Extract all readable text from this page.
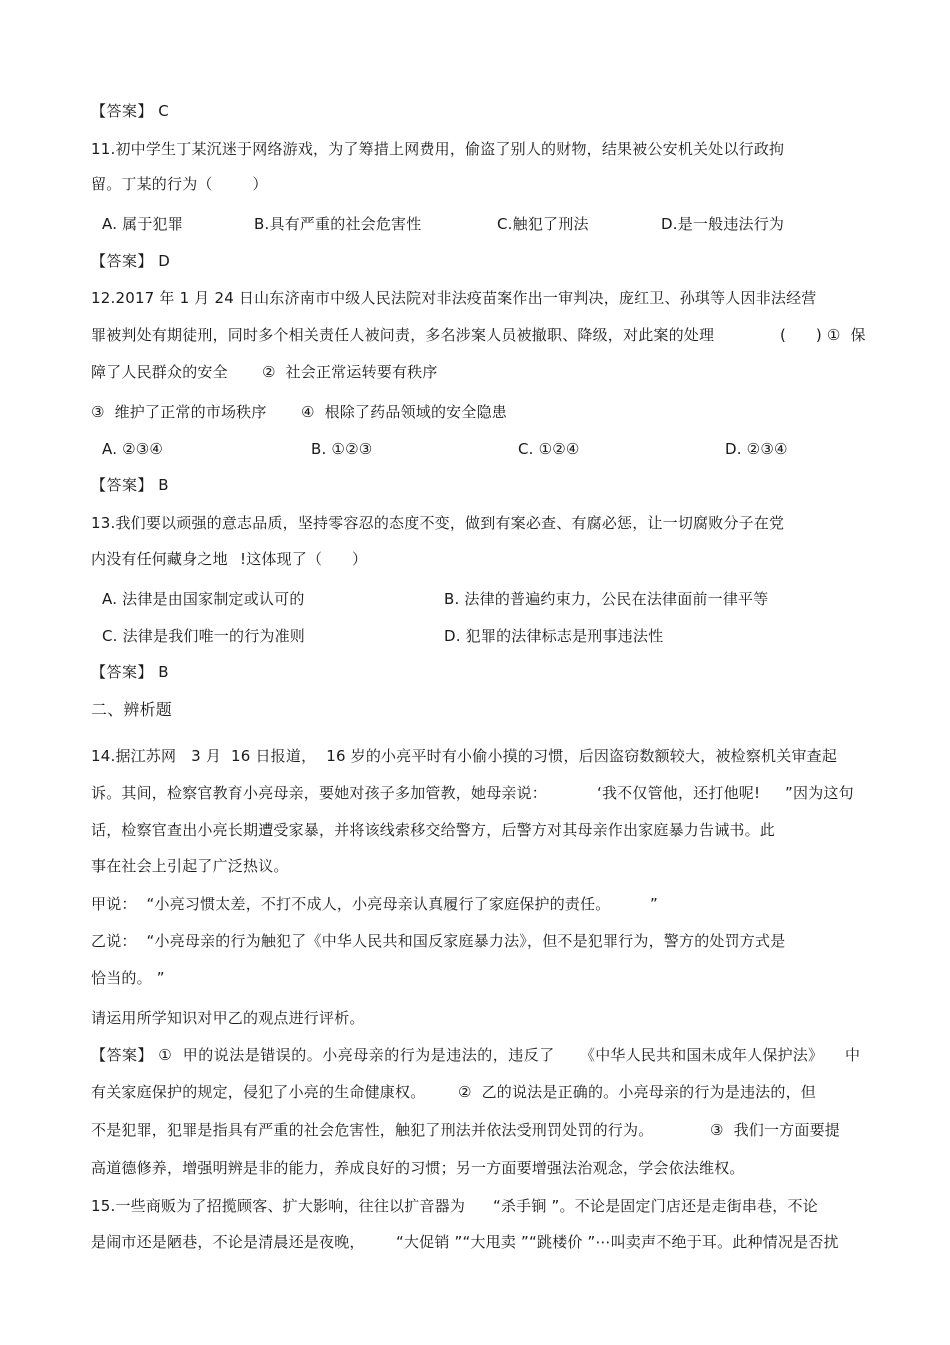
【答案】 C
11.初中学生丁某沉迷于网络游戏，为了筹措上网费用，偷盗了别人的财物，结果被公安机关处以行政拘
留。丁某的行为（        ）
A. 属于犯罪	B.具有严重的社会危害性	C.触犯了刑法	D.是一般违法行为
【答案】 D
12.2017 年 1 月 24 日山东济南市中级人民法院对非法疫苗案作出一审判决，庞红卫、孙琪等人因非法经营
罪被判处有期徒刑，同时多个相关责任人被问责，多名涉案人员被撤职、降级，对此案的处理	(      ) ①  保
障了人民群众的安全 ②  社会正常运转要有秩序
③  维护了正常的市场秩序 ④  根除了药品领域的安全隐患
A. ②③④	B. ①②③	C. ①②④	D. ②③④
【答案】 B
13.我们要以顽强的意志品质，坚持零容忍的态度不变，做到有案必查、有腐必惩，让一切腐败分子在党
内没有任何藏身之地 !这体现了（      ）
A. 法律是由国家制定或认可的	B. 法律的普遍约束力，公民在法律面前一律平等
C. 法律是我们唯一的行为准则	D. 犯罪的法律标志是刑事违法性
【答案】 B
二、辨析题
14.据江苏网   3 月  16 日报道，  16 岁的小亮平时有小偷小摸的习惯，后因盗窃数额较大，被检察机关审查起
诉。其间，检察官教育小亮母亲，要她对孩子多加管教，她母亲说：	‘我不仅管他，还打他呢!     ”因为这句
话，检察官查出小亮长期遭受家暴，并将该线索移交给警方，后警方对其母亲作出家庭暴力告诫书。此
事在社会上引起了广泛热议。
甲说：  “小亮习惯太差，不打不成人，小亮母亲认真履行了家庭保护的责任。	”
乙说：  “小亮母亲的行为触犯了《中华人民共和国反家庭暴力法》，但不是犯罪行为，警方的处罚方式是
恰当的。 ”
请运用所学知识对甲乙的观点进行评析。
【答案】 ①  甲的说法是错误的。小亮母亲的行为是违法的，违反了 《中华人民共和国未成年人保护法》 中
有关家庭保护的规定，侵犯了小亮的生命健康权。 ②  乙的说法是正确的。小亮母亲的行为是违法的，但
不是犯罪，犯罪是指具有严重的社会危害性，触犯了刑法并依法受刑罚处罚的行为。	③  我们一方面要提
高道德修养，增强明辨是非的能力，养成良好的习惯；另一方面要增强法治观念，学会依法维权。
15.一些商贩为了招揽顾客、扩大影响，往往以扩音器为 “杀手锏 ”。不论是固定门店还是走街串巷，不论
是闹市还是陋巷，不论是清晨还是夜晚， “大促销 ”“大甩卖 ”“跳楼价 ”⋯叫卖声不绝于耳。此种情况是否扰
